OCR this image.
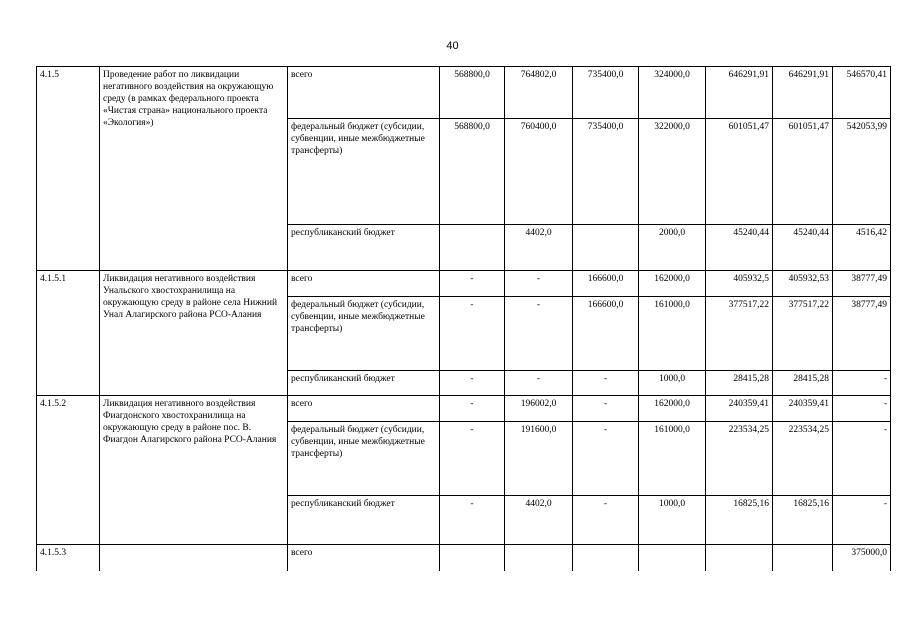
40
4.1.5	Проведение работ по ликвидации негативного воздействия на окружающую среду (в рамках федерального проекта «Чистая страна» национального проекта «Экология»)	всего	568800,0	764802,0	735400,0	324000,0	646291,91	646291,91	546570,41
		федеральный бюджет (субсидии, субвенции, иные межбюджетные трансферты)	568800,0	760400,0	735400,0	322000,0	601051,47	601051,47	542053,99
		республиканский бюджет		4402,0		2000,0	45240,44	45240,44	4516,42
4.1.5.1	Ликвидация негативного воздействия Унальского хвостохранилища на окружающую среду в районе села Нижний Унал Алагирского района РСО-Алания	всего	-	-	166600,0	162000,0	405932,5	405932,53	38777,49
		федеральный бюджет (субсидии, субвенции, иные межбюджетные трансферты)	-	-	166600,0	161000,0	377517,22	377517,22	38777,49
		республиканский бюджет	-	-	-	1000,0	28415,28	28415,28	-
4.1.5.2	Ликвидация негативного воздействия Фиагдонского хвостохранилища на окружающую среду в районе пос. В. Фиагдон Алагирского района РСО-Алания	всего	-	196002,0	-	162000,0	240359,41	240359,41	-
		федеральный бюджет (субсидии, субвенции, иные межбюджетные трансферты)	-	191600,0	-	161000,0	223534,25	223534,25	-
		республиканский бюджет	-	4402,0	-	1000,0	16825,16	16825,16	-
4.1.5.3		всего							375000,0
